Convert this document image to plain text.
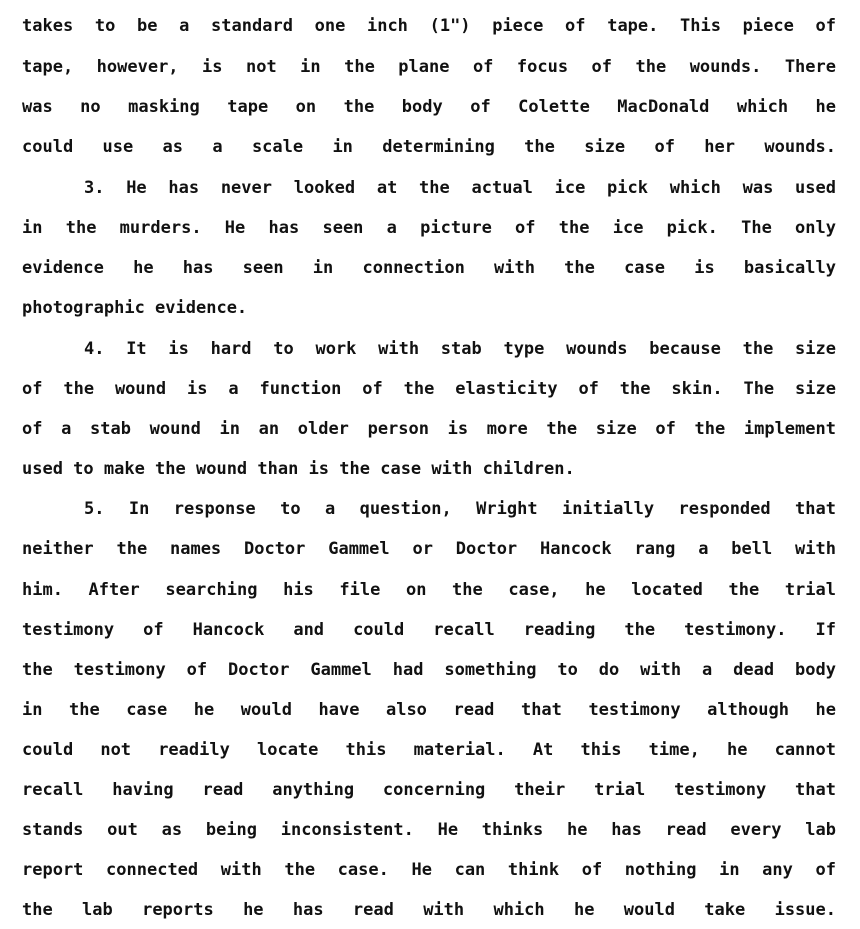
takes to be a standard one inch (1") piece of tape. This piece of
tape, however, is not in the plane of focus of the wounds. There
was no masking tape on the body of Colette MacDonald which he
could use as a scale in determining the size of her wounds.
3. He has never looked at the actual ice pick which was used
in the murders. He has seen a picture of the ice pick. The only
evidence he has seen in connection with the case is basically
photographic evidence.
4. It is hard to work with stab type wounds because the size
of the wound is a function of the elasticity of the skin. The size
of a stab wound in an older person is more the size of the implement
used to make the wound than is the case with children.
5. In response to a question, Wright initially responded that
neither the names Doctor Gammel or Doctor Hancock rang a bell with
him. After searching his file on the case, he located the trial
testimony of Hancock and could recall reading the testimony. If
the testimony of Doctor Gammel had something to do with a dead body
in the case he would have also read that testimony although he
could not readily locate this material. At this time, he cannot
recall having read anything concerning their trial testimony that
stands out as being inconsistent. He thinks he has read every lab
report connected with the case. He can think of nothing in any of
the lab reports he has read with which he would take issue.
